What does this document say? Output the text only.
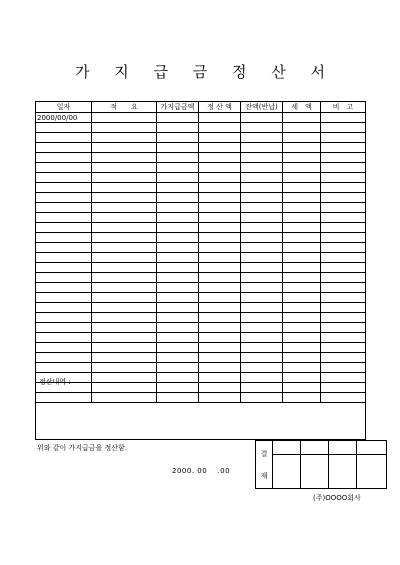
가 지 급 금 정 산 서
일자	적　　요	가지급금액	정 산 액	잔액(반납)	세　액	비　고
2000/00/00						

정산내역 :
위와 같이 가지급금을 정산함.
2000. 00　 .00
결
재				

(주)OOOO회사
